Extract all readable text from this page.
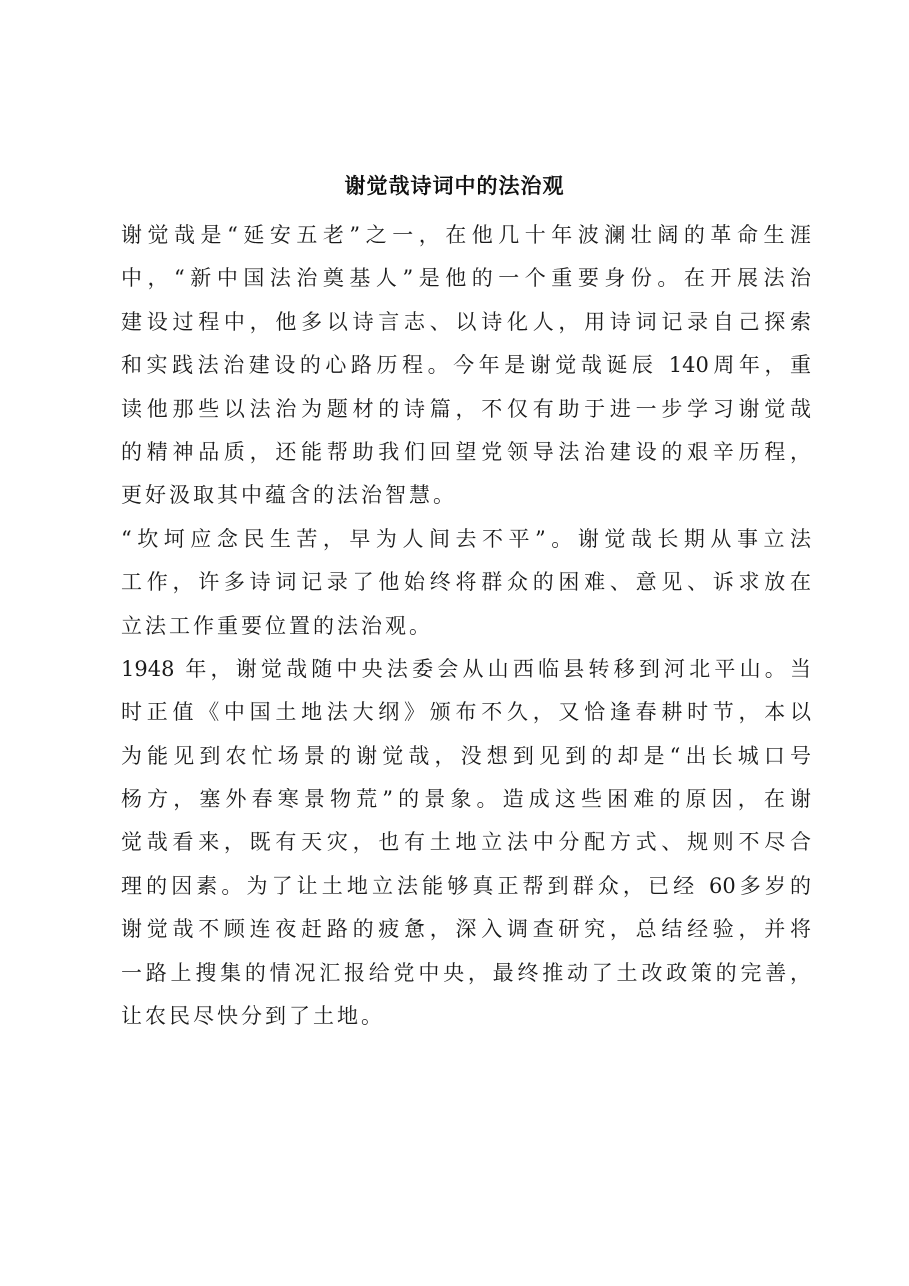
谢觉哉诗词中的法治观
谢觉哉是“延安五老”之一，在他几十年波澜壮阔的革命生涯
中，“新中国法治奠基人”是他的一个重要身份。在开展法治
建设过程中，他多以诗言志、以诗化人，用诗词记录自己探索
和实践法治建设的心路历程。今年是谢觉哉诞辰 140周年，重
读他那些以法治为题材的诗篇，不仅有助于进一步学习谢觉哉
的精神品质，还能帮助我们回望党领导法治建设的艰辛历程，
更好汲取其中蕴含的法治智慧。
“坎坷应念民生苦，早为人间去不平”。谢觉哉长期从事立法
工作，许多诗词记录了他始终将群众的困难、意见、诉求放在
立法工作重要位置的法治观。
1948 年，谢觉哉随中央法委会从山西临县转移到河北平山。当
时正值《中国土地法大纲》颁布不久，又恰逢春耕时节，本以
为能见到农忙场景的谢觉哉，没想到见到的却是“出长城口号
杨方，塞外春寒景物荒”的景象。造成这些困难的原因，在谢
觉哉看来，既有天灾，也有土地立法中分配方式、规则不尽合
理的因素。为了让土地立法能够真正帮到群众，已经 60多岁的
谢觉哉不顾连夜赶路的疲惫，深入调查研究，总结经验，并将
一路上搜集的情况汇报给党中央，最终推动了土改政策的完善，
让农民尽快分到了土地。
